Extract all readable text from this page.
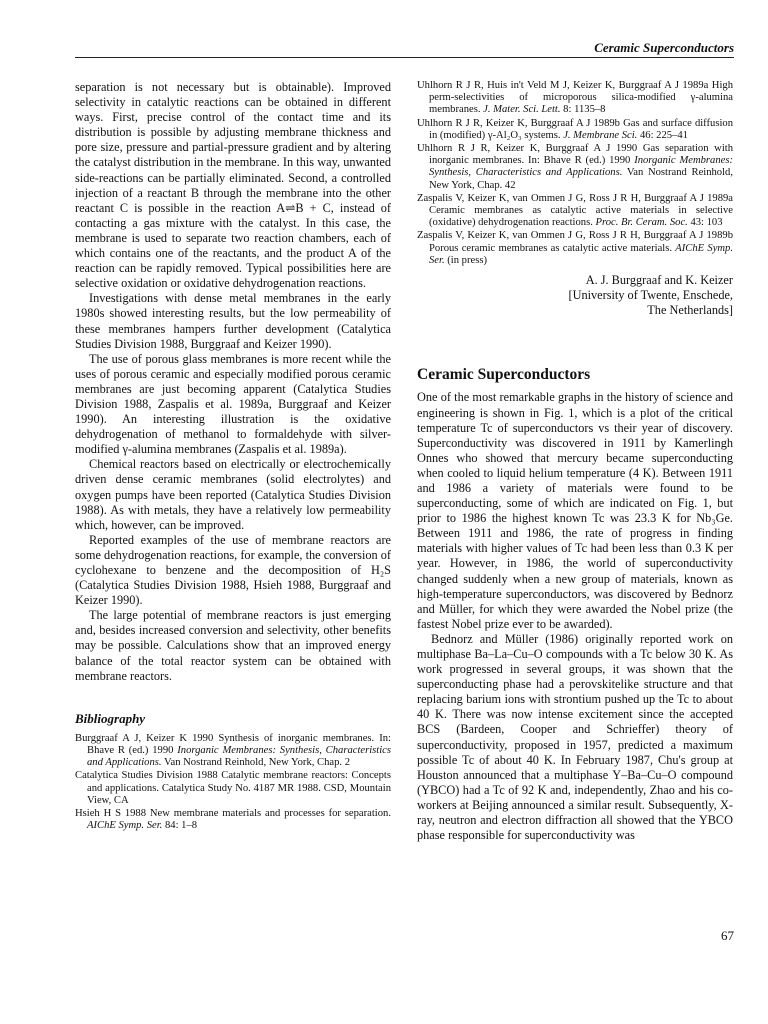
Ceramic Superconductors

separation is not necessary but is obtainable). Improved selectivity in catalytic reactions can be obtained in different ways. First, precise control of the contact time and its distribution is possible by adjusting membrane thickness and pore size, pressure and partial-pressure gradient and by altering the catalyst distribution in the membrane. In this way, unwanted side-reactions can be partially eliminated. Second, a controlled injection of a reactant B through the membrane into the other reactant C is possible in the reaction A⇌B + C, instead of contacting a gas mixture with the catalyst. In this case, the membrane is used to separate two reaction chambers, each of which contains one of the reactants, and the product A of the reaction can be rapidly removed. Typical possibilities here are selective oxidation or oxidative dehydrogenation reactions.

Investigations with dense metal membranes in the early 1980s showed interesting results, but the low permeability of these membranes hampers further development (Catalytica Studies Division 1988, Burggraaf and Keizer 1990).

The use of porous glass membranes is more recent while the uses of porous ceramic and especially modified porous ceramic membranes are just becoming apparent (Catalytica Studies Division 1988, Zaspalis et al. 1989a, Burggraaf and Keizer 1990). An interesting illustration is the oxidative dehydrogenation of methanol to formaldehyde with silver-modified γ-alumina membranes (Zaspalis et al. 1989a).

Chemical reactors based on electrically or electrochemically driven dense ceramic membranes (solid electrolytes) and oxygen pumps have been reported (Catalytica Studies Division 1988). As with metals, they have a relatively low permeability which, however, can be improved.

Reported examples of the use of membrane reactors are some dehydrogenation reactions, for example, the conversion of cyclohexane to benzene and the decomposition of H₂S (Catalytica Studies Division 1988, Hsieh 1988, Burggraaf and Keizer 1990).

The large potential of membrane reactors is just emerging and, besides increased conversion and selectivity, other benefits may be possible. Calculations show that an improved energy balance of the total reactor system can be obtained with membrane reactors.

Bibliography
Burggraaf A J, Keizer K 1990 Synthesis of inorganic membranes. In: Bhave R (ed.) 1990 Inorganic Membranes: Synthesis, Characteristics and Applications. Van Nostrand Reinhold, New York, Chap. 2
Catalytica Studies Division 1988 Catalytic membrane reactors: Concepts and applications. Catalytica Study No. 4187 MR 1988. CSD, Mountain View, CA
Hsieh H S 1988 New membrane materials and processes for separation. AIChE Symp. Ser. 84: 1–8
Uhlhorn R J R, Huis in't Veld M J, Keizer K, Burggraaf A J 1989a High perm-selectivities of microporous silica-modified γ-alumina membranes. J. Mater. Sci. Lett. 8: 1135–8
Uhlhorn R J R, Keizer K, Burggraaf A J 1989b Gas and surface diffusion in (modified) γ-Al₂O₃ systems. J. Membrane Sci. 46: 225–41
Uhlhorn R J R, Keizer K, Burggraaf A J 1990 Gas separation with inorganic membranes. In: Bhave R (ed.) 1990 Inorganic Membranes: Synthesis, Characteristics and Applications. Van Nostrand Reinhold, New York, Chap. 42
Zaspalis V, Keizer K, van Ommen J G, Ross J R H, Burggraaf A J 1989a Ceramic membranes as catalytic active materials in selective (oxidative) dehydrogenation reactions. Proc. Br. Ceram. Soc. 43: 103
Zaspalis V, Keizer K, van Ommen J G, Ross J R H, Burggraaf A J 1989b Porous ceramic membranes as catalytic active materials. AIChE Symp. Ser. (in press)
A. J. Burggraaf and K. Keizer
[University of Twente, Enschede,
The Netherlands]
Ceramic Superconductors

One of the most remarkable graphs in the history of science and engineering is shown in Fig. 1, which is a plot of the critical temperature Tc of superconductors vs their year of discovery. Superconductivity was discovered in 1911 by Kamerlingh Onnes who showed that mercury became superconducting when cooled to liquid helium temperature (4 K). Between 1911 and 1986 a variety of materials were found to be superconducting, some of which are indicated on Fig. 1, but prior to 1986 the highest known Tc was 23.3 K for Nb₃Ge. Between 1911 and 1986, the rate of progress in finding materials with higher values of Tc had been less than 0.3 K per year. However, in 1986, the world of superconductivity changed suddenly when a new group of materials, known as high-temperature superconductors, was discovered by Bednorz and Müller, for which they were awarded the Nobel prize (the fastest Nobel prize ever to be awarded).

Bednorz and Müller (1986) originally reported work on multiphase Ba–La–Cu–O compounds with a Tc below 30 K. As work progressed in several groups, it was shown that the superconducting phase had a perovskitelike structure and that replacing barium ions with strontium pushed up the Tc to about 40 K. There was now intense excitement since the accepted BCS (Bardeen, Cooper and Schrieffer) theory of superconductivity, proposed in 1957, predicted a maximum possible Tc of about 40 K. In February 1987, Chu's group at Houston announced that a multiphase Y–Ba–Cu–O compound (YBCO) had a Tc of 92 K and, independently, Zhao and his co-workers at Beijing announced a similar result. Subsequently, X-ray, neutron and electron diffraction all showed that the YBCO phase responsible for superconductivity was

67
